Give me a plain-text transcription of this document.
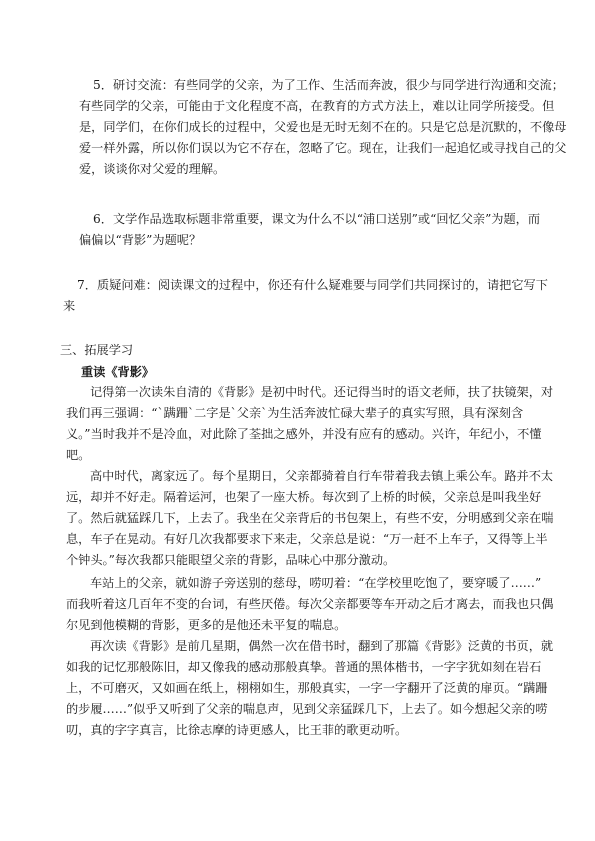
5．研讨交流：有些同学的父亲，为了工作、生活而奔波，很少与同学进行沟通和交流；
有些同学的父亲，可能由于文化程度不高，在教育的方式方法上，难以让同学所接受。但
是，同学们，在你们成长的过程中，父爱也是无时无刻不在的。只是它总是沉默的，不像母
爱一样外露，所以你们误以为它不存在，忽略了它。现在，让我们一起追忆或寻找自己的父
爱，谈谈你对父爱的理解。
6．文学作品选取标题非常重要，课文为什么不以“浦口送别”或“回忆父亲”为题，而
偏偏以“背影”为题呢？
7．质疑问难：阅读课文的过程中，你还有什么疑难要与同学们共同探讨的，请把它写下
来
三、拓展学习
重读《背影》
记得第一次读朱自清的《背影》是初中时代。还记得当时的语文老师，扶了扶镜架，对
我们再三强调：“`蹒跚`二字是`父亲`为生活奔波忙碌大辈子的真实写照，具有深刻含
义。”当时我并不是冷血，对此除了荃拙之感外，并没有应有的感动。兴许，年纪小，不懂
吧。
高中时代，离家远了。每个星期日，父亲都骑着自行车带着我去镇上乘公车。路并不太
远，却并不好走。隔着运河，也架了一座大桥。每次到了上桥的时候，父亲总是叫我坐好
了。然后就猛踩几下，上去了。我坐在父亲背后的书包架上，有些不安，分明感到父亲在喘
息，车子在晃动。有好几次我都要求下来走，父亲总是说：“万一赶不上车子，又得等上半
个钟头。”每次我都只能眼望父亲的背影，品味心中那分激动。
车站上的父亲，就如游子旁送别的慈母，唠叨着：“在学校里吃饱了，要穿暖了……”
而我听着这几百年不变的台词，有些厌倦。每次父亲都要等车开动之后才离去，而我也只偶
尔见到他模糊的背影，更多的是他还未平复的喘息。
再次读《背影》是前几星期，偶然一次在借书时，翻到了那篇《背影》泛黄的书页，就
如我的记忆那般陈旧，却又像我的感动那般真挚。普通的黑体楷书，一字字犹如刻在岩石
上，不可磨灭，又如画在纸上，栩栩如生，那般真实，一字一字翻开了泛黄的扉页。“蹒跚
的步履……”似乎又听到了父亲的喘息声，见到父亲猛踩几下，上去了。如今想起父亲的唠
叨，真的字字真言，比徐志摩的诗更感人，比王菲的歌更动听。
